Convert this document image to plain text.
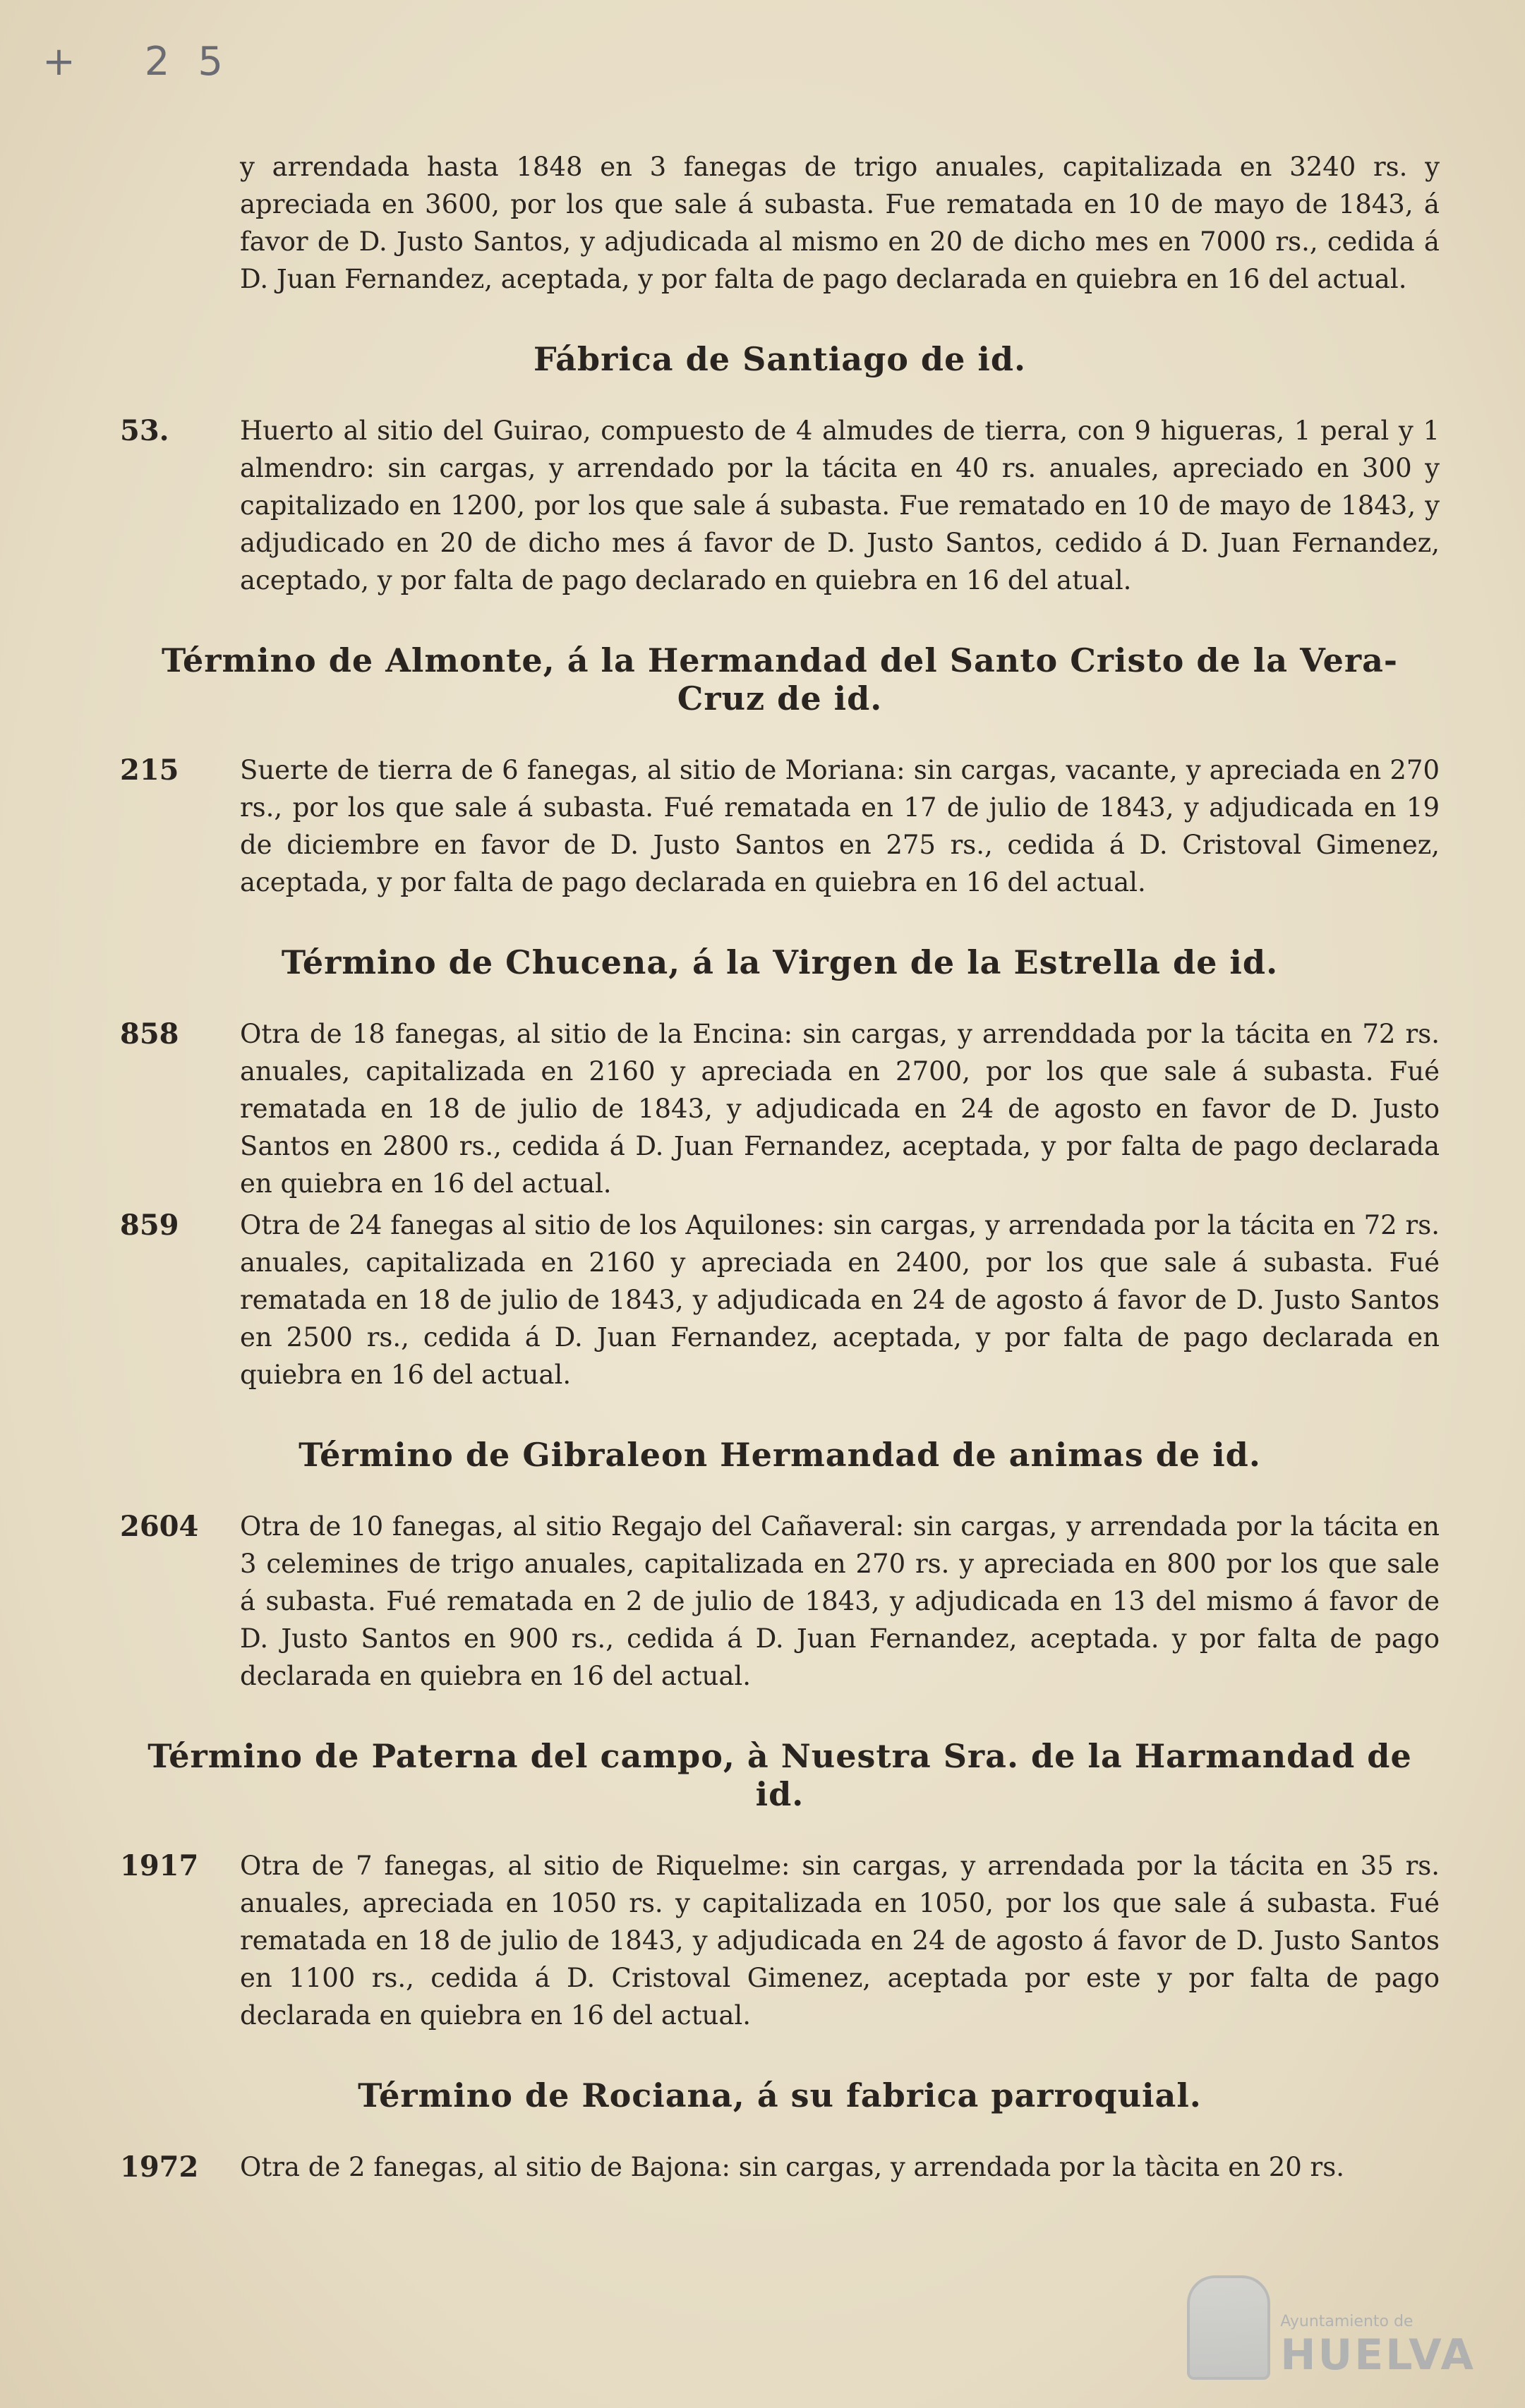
+ 25

y arrendada hasta 1848 en 3 fanegas de trigo anuales, capitalizada en 3240 rs. y apreciada en 3600, por los que sale á subasta. Fue rematada en 10 de mayo de 1843, á favor de D. Justo Santos, y adjudicada al mismo en 20 de dicho mes en 7000 rs., cedida á D. Juan Fernandez, aceptada, y por falta de pago declarada en quiebra en 16 del actual.

Fábrica de Santiago de id.
53.	Huerto al sitio del Guirao, compuesto de 4 almudes de tierra, con 9 higueras, 1 peral y 1 almendro: sin cargas, y arrendado por la tácita en 40 rs. anuales, apreciado en 300 y capitalizado en 1200, por los que sale á subasta. Fue rematado en 10 de mayo de 1843, y adjudicado en 20 de dicho mes á favor de D. Justo Santos, cedido á D. Juan Fernandez, aceptado, y por falta de pago declarado en quiebra en 16 del atual.
Término de Almonte, á la Hermandad del Santo Cristo de la Vera-Cruz de id.
215	Suerte de tierra de 6 fanegas, al sitio de Moriana: sin cargas, vacante, y apreciada en 270 rs., por los que sale á subasta. Fué rematada en 17 de julio de 1843, y adjudicada en 19 de diciembre en favor de D. Justo Santos en 275 rs., cedida á D. Cristoval Gimenez, aceptada, y por falta de pago declarada en quiebra en 16 del actual.
Término de Chucena, á la Virgen de la Estrella de id.
858	Otra de 18 fanegas, al sitio de la Encina: sin cargas, y arrenddada por la tácita en 72 rs. anuales, capitalizada en 2160 y apreciada en 2700, por los que sale á subasta. Fué rematada en 18 de julio de 1843, y adjudicada en 24 de agosto en favor de D. Justo Santos en 2800 rs., cedida á D. Juan Fernandez, aceptada, y por falta de pago declarada en quiebra en 16 del actual.
859	Otra de 24 fanegas al sitio de los Aquilones: sin cargas, y arrendada por la tácita en 72 rs. anuales, capitalizada en 2160 y apreciada en 2400, por los que sale á subasta. Fué rematada en 18 de julio de 1843, y adjudicada en 24 de agosto á favor de D. Justo Santos en 2500 rs., cedida á D. Juan Fernandez, aceptada, y por falta de pago declarada en quiebra en 16 del actual.
Término de Gibraleon Hermandad de animas de id.
2604	Otra de 10 fanegas, al sitio Regajo del Cañaveral: sin cargas, y arrendada por la tácita en 3 celemines de trigo anuales, capitalizada en 270 rs. y apreciada en 800 por los que sale á subasta. Fué rematada en 2 de julio de 1843, y adjudicada en 13 del mismo á favor de D. Justo Santos en 900 rs., cedida á D. Juan Fernandez, aceptada. y por falta de pago declarada en quiebra en 16 del actual.
Término de Paterna del campo, à Nuestra Sra. de la Harmandad de id.
1917	Otra de 7 fanegas, al sitio de Riquelme: sin cargas, y arrendada por la tácita en 35 rs. anuales, apreciada en 1050 rs. y capitalizada en 1050, por los que sale á subasta. Fué rematada en 18 de julio de 1843, y adjudicada en 24 de agosto á favor de D. Justo Santos en 1100 rs., cedida á D. Cristoval Gimenez, aceptada por este y por falta de pago declarada en quiebra en 16 del actual.
Término de Rociana, á su fabrica parroquial.
1972	Otra de 2 fanegas, al sitio de Bajona: sin cargas, y arrendada por la tàcita en 20 rs.
Ayuntamiento de
HUELVA
